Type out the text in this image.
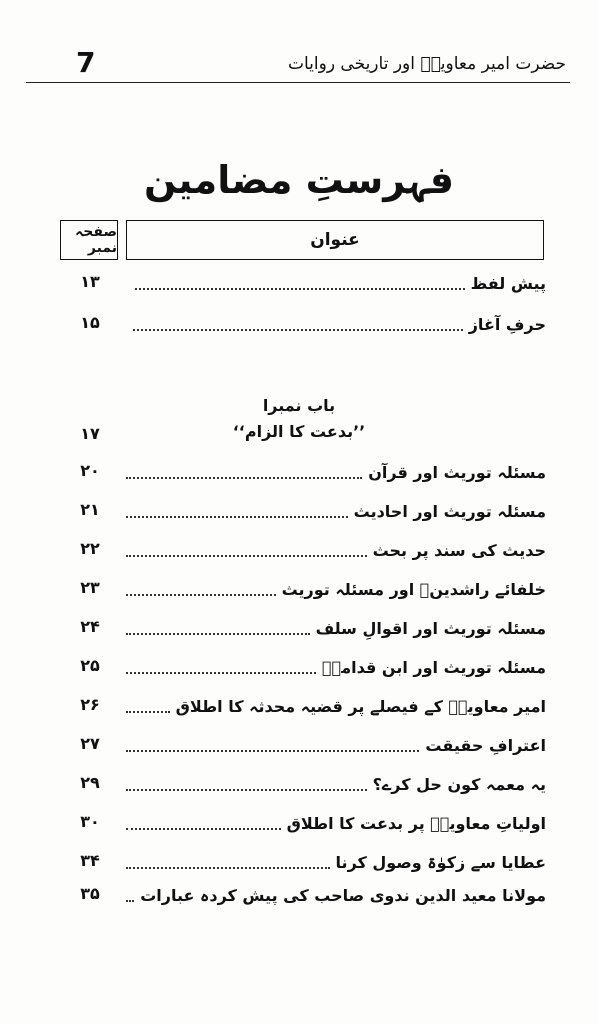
7	حضرت امیر معاویہؓ اور تاریخی روایات
فہرستِ مضامین
عنوان
صفحہ نمبر
پیش لفظ
۱۳
حرفِ آغاز
۱۵
باب نمبرا
’’بدعت کا الزام‘‘
۱۷
مسئلہ توریث اور قرآن
۲۰
مسئلہ توریث اور احادیث
۲۱
حدیث کی سند پر بحث
۲۲
خلفائے راشدینؓ اور مسئلہ توریث
۲۳
مسئلہ توریث اور اقوالِ سلف
۲۴
مسئلہ توریث اور ابن قدامہؒ
۲۵
امیر معاویہؓ کے فیصلے پر قضیہ محدثہ کا اطلاق
۲۶
اعترافِ حقیقت
۲۷
یہ معمہ کون حل کرے؟
۲۹
اولیاتِ معاویہؓ پر بدعت کا اطلاق
۳۰
عطایا سے زکوٰۃ وصول کرنا
۳۴
مولانا معید الدین ندوی صاحب کی پیش کردہ عبارات
۳۵
